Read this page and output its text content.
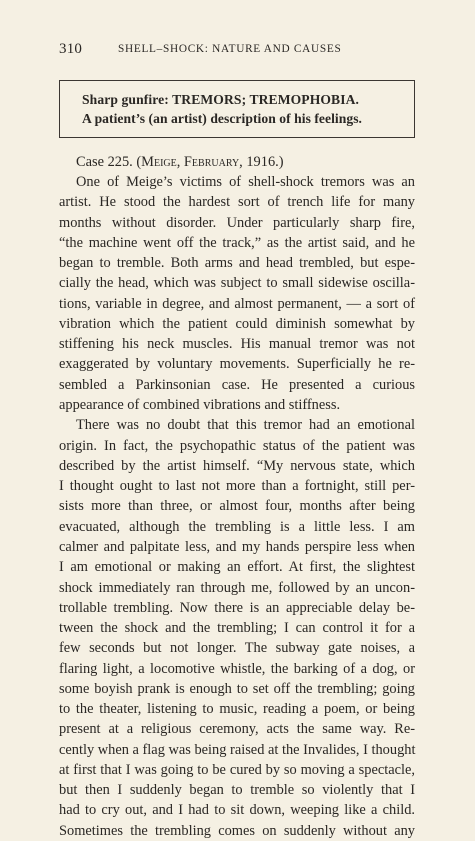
310	SHELL–SHOCK: NATURE AND CAUSES
Sharp gunfire: TREMORS; TREMOPHOBIA.
A patient’s (an artist) description of his feelings.
Case 225. (Meige, February, 1916.)
One of Meige’s victims of shell-shock tremors was an
artist. He stood the hardest sort of trench life for many
months without disorder. Under particularly sharp fire,
“the machine went off the track,” as the artist said, and he
began to tremble. Both arms and head trembled, but espe-
cially the head, which was subject to small sidewise oscilla-
tions, variable in degree, and almost permanent, — a sort of
vibration which the patient could diminish somewhat by
stiffening his neck muscles. His manual tremor was not
exaggerated by voluntary movements. Superficially he re-
sembled a Parkinsonian case. He presented a curious
appearance of combined vibrations and stiffness.
There was no doubt that this tremor had an emotional
origin. In fact, the psychopathic status of the patient was
described by the artist himself. “My nervous state, which
I thought ought to last not more than a fortnight, still per-
sists more than three, or almost four, months after being
evacuated, although the trembling is a little less. I am
calmer and palpitate less, and my hands perspire less when
I am emotional or making an effort. At first, the slightest
shock immediately ran through me, followed by an uncon-
trollable trembling. Now there is an appreciable delay be-
tween the shock and the trembling; I can control it for a
few seconds but not longer. The subway gate noises, a
flaring light, a locomotive whistle, the barking of a dog, or
some boyish prank is enough to set off the trembling; going
to the theater, listening to music, reading a poem, or being
present at a religious ceremony, acts the same way. Re-
cently when a flag was being raised at the Invalides, I thought
at first that I was going to be cured by so moving a spectacle,
but then I suddenly began to tremble so violently that I
had to cry out, and I had to sit down, weeping like a child.
Sometimes the trembling comes on suddenly without any
